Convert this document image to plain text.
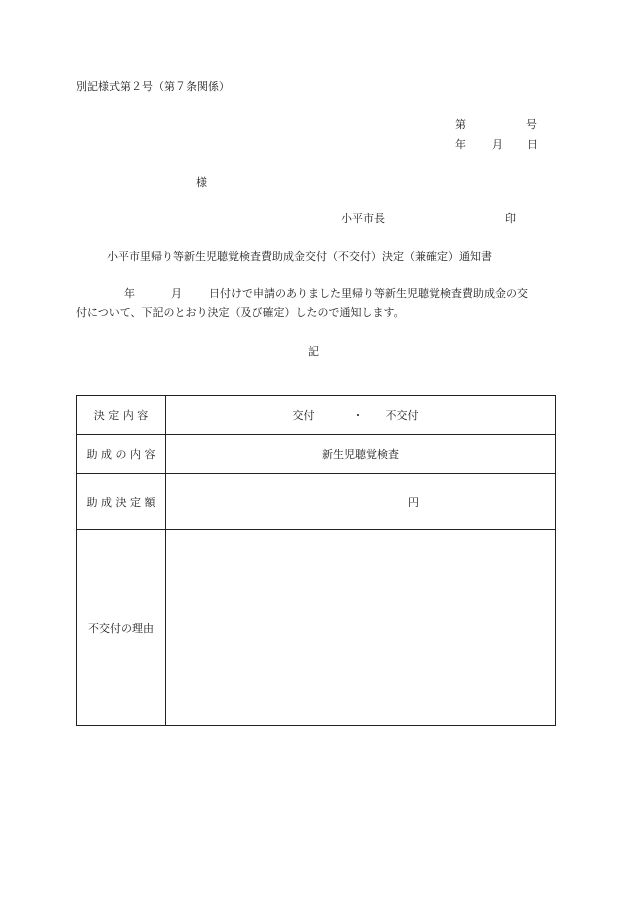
別記様式第２号（第７条関係）
第	号
年 月 日
様
小平市長	印
小平市里帰り等新生児聴覚検査費助成金交付（不交付）決定（兼確定）通知書
年	月 日付けで申請のありました里帰り等新生児聴覚検査費助成金の交
付について、下記のとおり決定（及び確定）したので通知します。
記
決 定 内 容	交付 ・ 不交付

助 成 の 内 容	新生児聴覚検査
助 成 決 定 額	円

不交付の理由	
